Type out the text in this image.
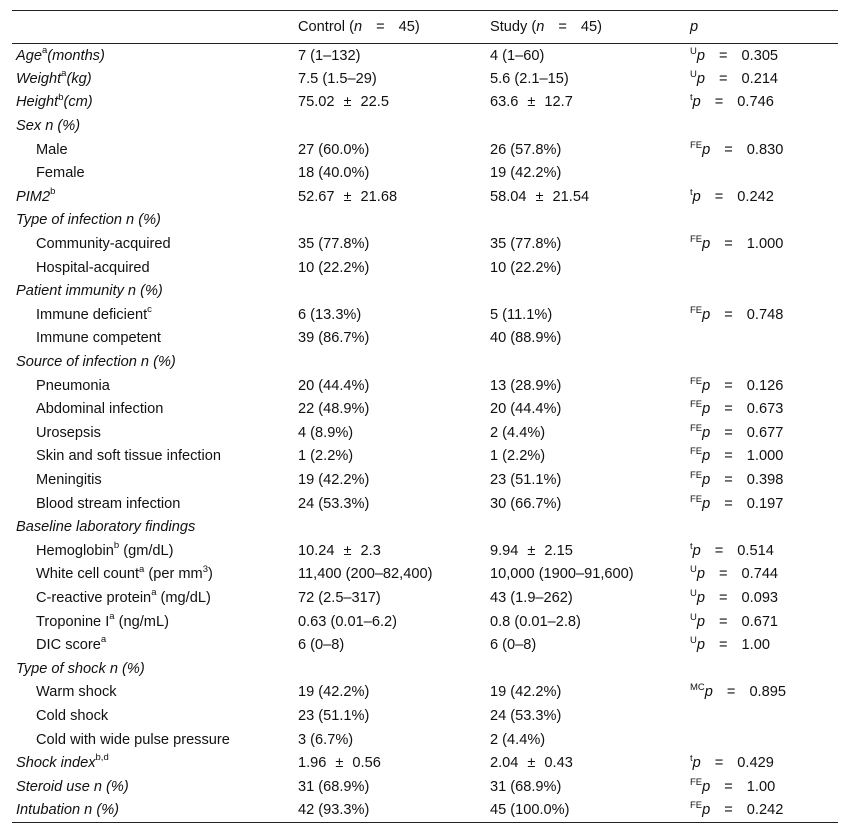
	Control (n = 45)	Study (n = 45)	p
Age$^a$(months)	7 (1–132)	4 (1–60)	$^U$p = 0.305
Weight$^a$(kg)	7.5 (1.5–29)	5.6 (2.1–15)	$^U$p = 0.214
Height$^b$(cm)	75.02 ± 22.5	63.6 ± 12.7	$^t$p = 0.746
Sex n (%)			
Male	27 (60.0%)	26 (57.8%)	$^{FE}$p = 0.830
Female	18 (40.0%)	19 (42.2%)	
PIM2$^b$	52.67 ± 21.68	58.04 ± 21.54	$^t$p = 0.242
Type of infection n (%)			
Community-acquired	35 (77.8%)	35 (77.8%)	$^{FE}$p = 1.000
Hospital-acquired	10 (22.2%)	10 (22.2%)	
Patient immunity n (%)			
Immune deficient$^c$	6 (13.3%)	5 (11.1%)	$^{FE}$p = 0.748
Immune competent	39 (86.7%)	40 (88.9%)	
Source of infection n (%)			
Pneumonia	20 (44.4%)	13 (28.9%)	$^{FE}$p = 0.126
Abdominal infection	22 (48.9%)	20 (44.4%)	$^{FE}$p = 0.673
Urosepsis	4 (8.9%)	2 (4.4%)	$^{FE}$p = 0.677
Skin and soft tissue infection	1 (2.2%)	1 (2.2%)	$^{FE}$p = 1.000
Meningitis	19 (42.2%)	23 (51.1%)	$^{FE}$p = 0.398
Blood stream infection	24 (53.3%)	30 (66.7%)	$^{FE}$p = 0.197
Baseline laboratory findings			
Hemoglobin$^b$ (gm/dL)	10.24 ± 2.3	9.94 ± 2.15	$^t$p = 0.514
White cell count$^a$ (per $mm^3$)	11,400 (200–82,400)	10,000 (1900–91,600)	$^U$p = 0.744
C-reactive protein$^a$ (mg/dL)	72 (2.5–317)	43 (1.9–262)	$^U$p = 0.093
Troponine $I^a$ (ng/mL)	0.63 (0.01–6.2)	0.8 (0.01–2.8)	$^U$p = 0.671
DIC score$^a$	6 (0–8)	6 (0–8)	$^U$p = 1.00
Type of shock n (%)			
Warm shock	19 (42.2%)	19 (42.2%)	$^{MC}$p = 0.895
Cold shock	23 (51.1%)	24 (53.3%)	
Cold with wide pulse pressure	3 (6.7%)	2 (4.4%)	
Shock index$^{b,d}$	1.96 ± 0.56	2.04 ± 0.43	$^t$p = 0.429
Steroid use n (%)	31 (68.9%)	31 (68.9%)	$^{FE}$p = 1.00
Intubation n (%)	42 (93.3%)	45 (100.0%)	$^{FE}$p = 0.242
